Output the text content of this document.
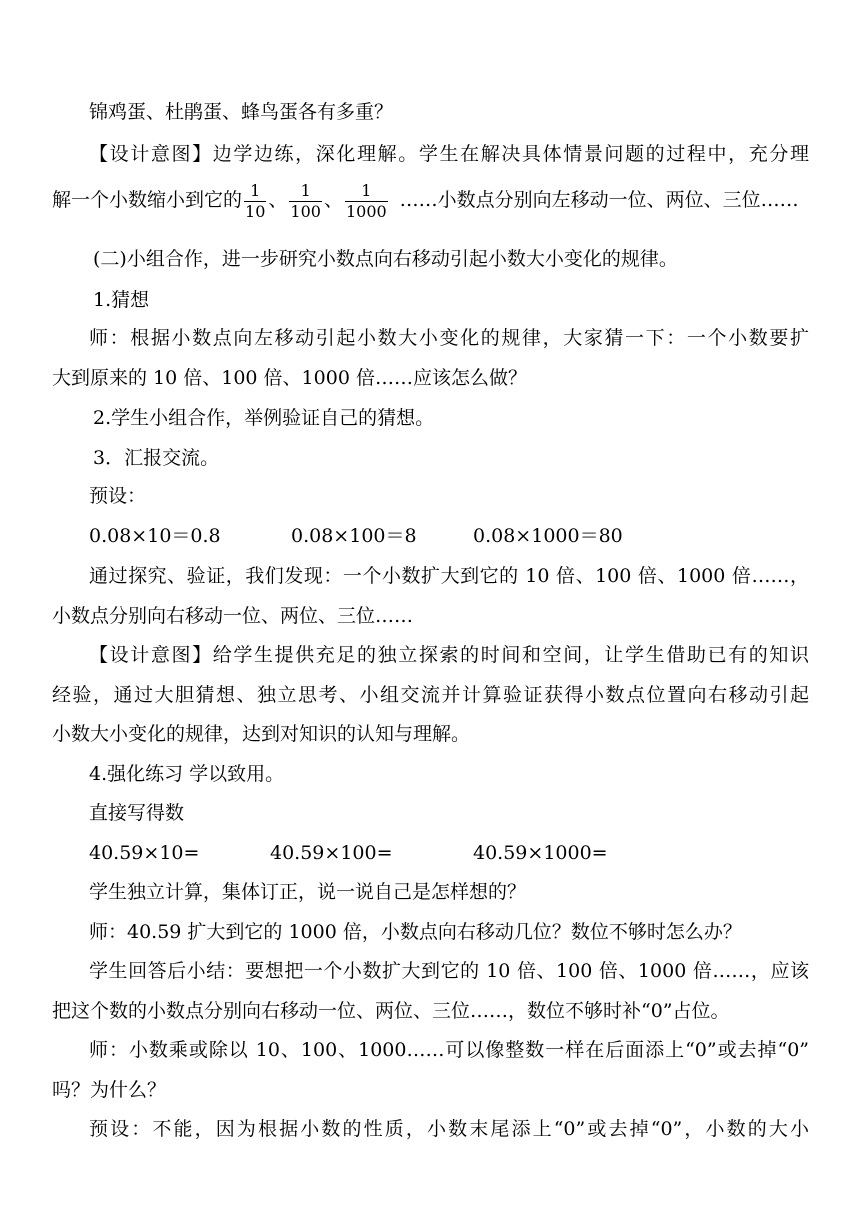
锦鸡蛋、杜鹃蛋、蜂鸟蛋各有多重？
【设计意图】边学边练，深化理解。学生在解决具体情景问题的过程中，充分理
解一个小数缩小到它的 $\frac{1}{10}$ 、 $\frac{1}{100}$ 、 $\frac{1}{1000}$ ……小数点分别向左移动一位、两位、三位……
(二)小组合作，进一步研究小数点向右移动引起小数大小变化的规律。
1.猜想
师：根据小数点向左移动引起小数大小变化的规律，大家猜一下：一个小数要扩
大到原来的 10 倍、100 倍、1000 倍……应该怎么做？
2.学生小组合作，举例验证自己的猜想。
3．汇报交流。
预设：
0.08×10＝0.8	0.08×100＝8	0.08×1000＝80
通过探究、验证，我们发现：一个小数扩大到它的 10 倍、100 倍、1000 倍……，
小数点分别向右移动一位、两位、三位……
【设计意图】给学生提供充足的独立探索的时间和空间，让学生借助已有的知识
经验，通过大胆猜想、独立思考、小组交流并计算验证获得小数点位置向右移动引起
小数大小变化的规律，达到对知识的认知与理解。
4.强化练习 学以致用。
直接写得数
40.59×10=	40.59×100=	40.59×1000=
学生独立计算，集体订正，说一说自己是怎样想的？
师：40.59 扩大到它的 1000 倍，小数点向右移动几位？数位不够时怎么办？
学生回答后小结：要想把一个小数扩大到它的 10 倍、100 倍、1000 倍……，应该
把这个数的小数点分别向右移动一位、两位、三位……，数位不够时补“0”占位。
师：小数乘或除以 10、100、1000……可以像整数一样在后面添上“0”或去掉“0”
吗？为什么？
预设：不能，因为根据小数的性质，小数末尾添上“0”或去掉“0”，小数的大小
